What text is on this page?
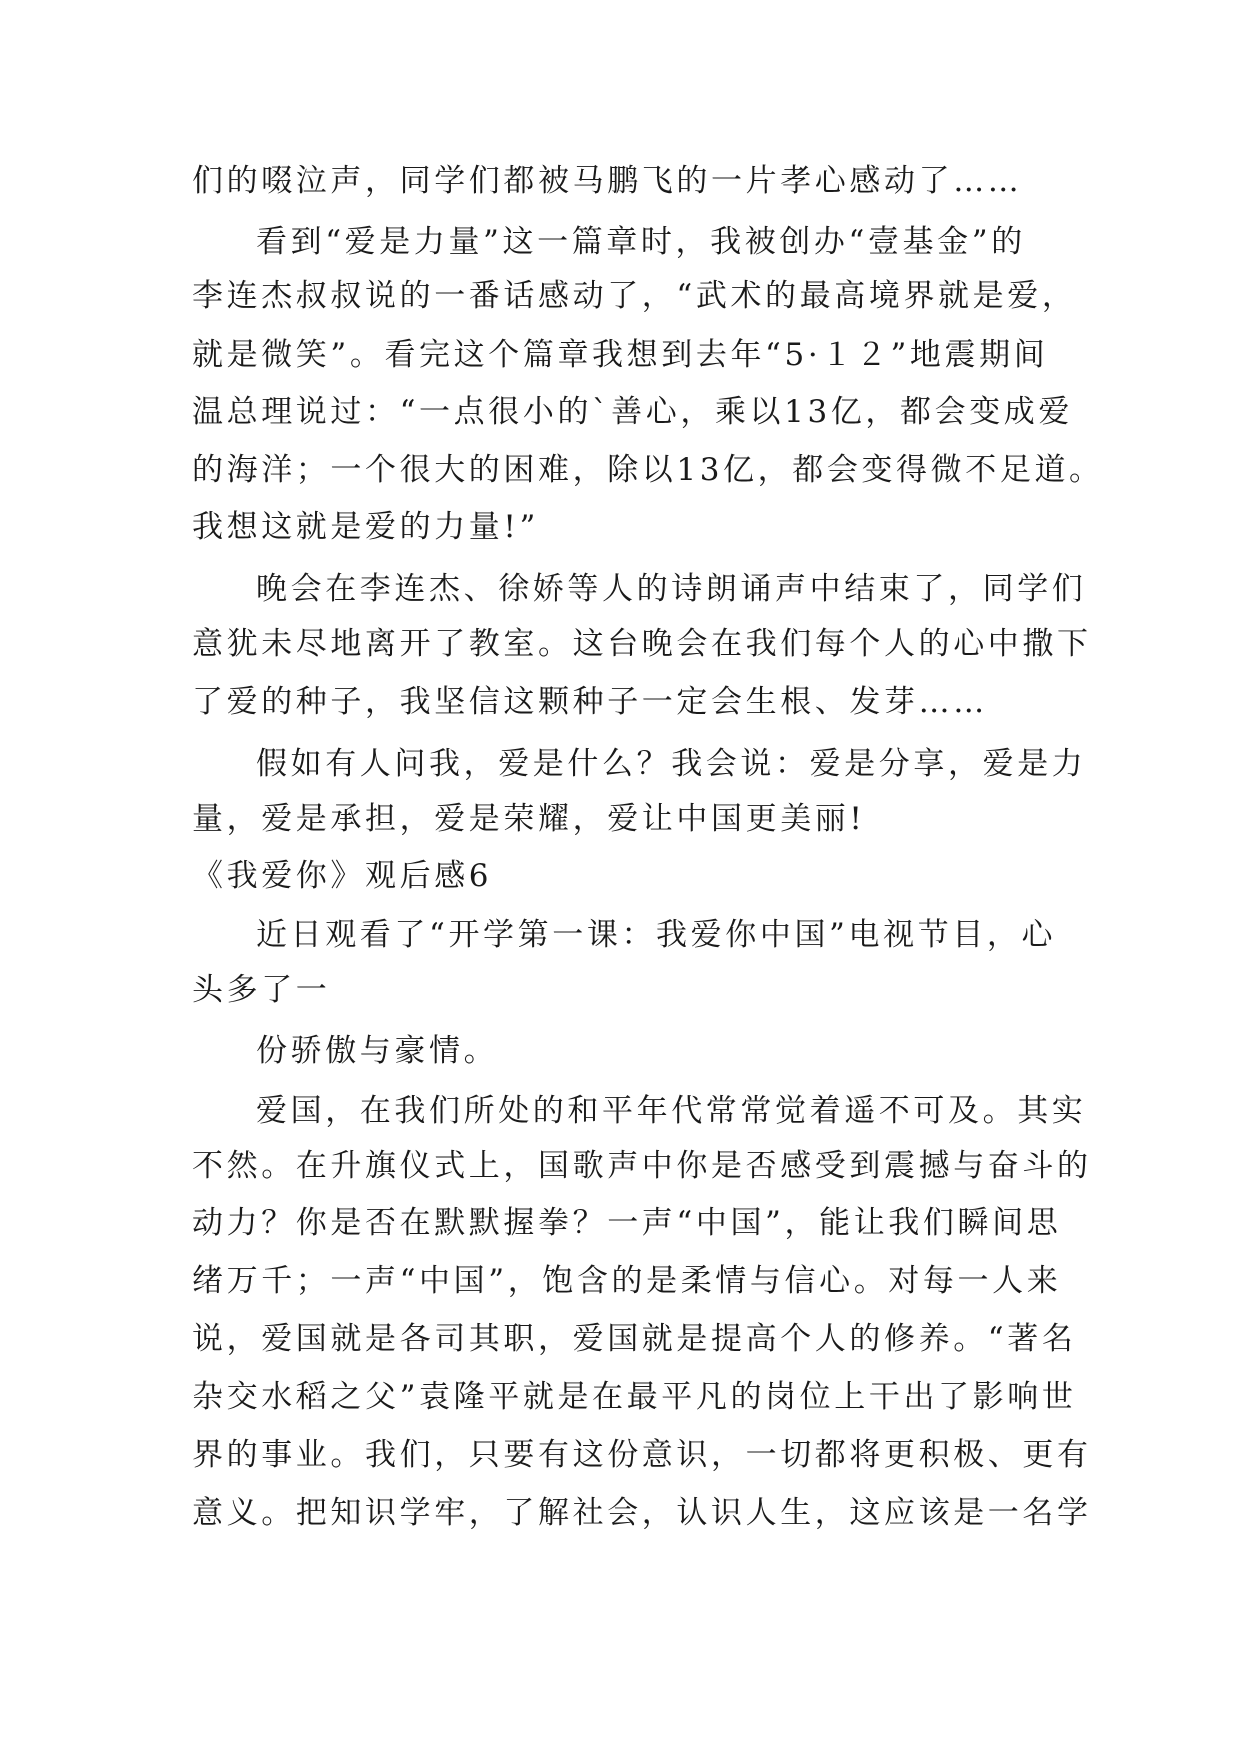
们的啜泣声，同学们都被马鹏飞的一片孝心感动了……
看到“爱是力量”这一篇章时，我被创办“壹基金”的
李连杰叔叔说的一番话感动了，“武术的最高境界就是爱，
就是微笑”。看完这个篇章我想到去年“5·１２”地震期间
温总理说过：“一点很小的`善心，乘以13亿，都会变成爱
的海洋；一个很大的困难，除以13亿，都会变得微不足道。
我想这就是爱的力量!”
晚会在李连杰、徐娇等人的诗朗诵声中结束了，同学们
意犹未尽地离开了教室。这台晚会在我们每个人的心中撒下
了爱的种子，我坚信这颗种子一定会生根、发芽……
假如有人问我，爱是什么？我会说：爱是分享，爱是力
量，爱是承担，爱是荣耀，爱让中国更美丽!
《我爱你》观后感6
近日观看了“开学第一课：我爱你中国”电视节目，心
头多了一
份骄傲与豪情。
爱国，在我们所处的和平年代常常觉着遥不可及。其实
不然。在升旗仪式上，国歌声中你是否感受到震撼与奋斗的
动力？你是否在默默握拳？一声“中国”，能让我们瞬间思
绪万千；一声“中国”，饱含的是柔情与信心。对每一人来
说，爱国就是各司其职，爱国就是提高个人的修养。“著名
杂交水稻之父”袁隆平就是在最平凡的岗位上干出了影响世
界的事业。我们，只要有这份意识，一切都将更积极、更有
意义。把知识学牢，了解社会，认识人生，这应该是一名学
